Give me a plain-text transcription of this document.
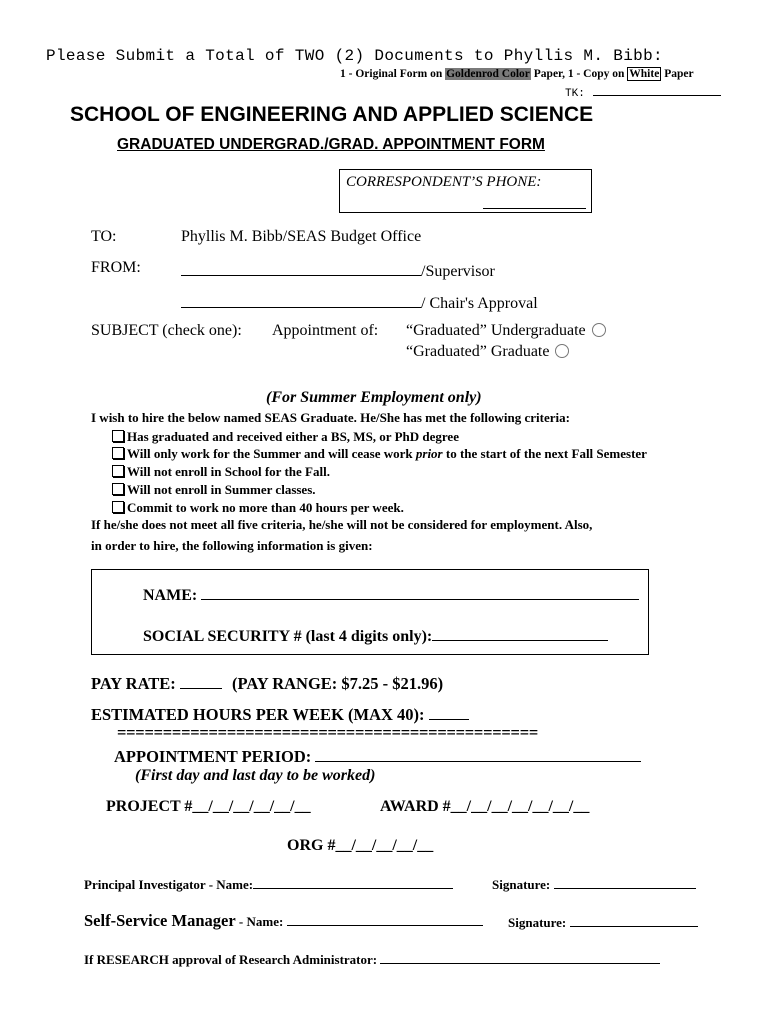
Please Submit a Total of TWO (2) Documents to Phyllis M. Bibb:
1 - Original Form on Goldenrod Color Paper, 1 - Copy on White Paper
TK:
SCHOOL OF ENGINEERING AND APPLIED SCIENCE
GRADUATED UNDERGRAD./GRAD. APPOINTMENT FORM
CORRESPONDENT’S PHONE:
TO:	Phyllis M. Bibb/SEAS Budget Office
FROM:	/Supervisor
/ Chair's Approval
SUBJECT (check one): Appointment of: “Graduated” Undergraduate
“Graduated” Graduate
(For Summer Employment only)
I wish to hire the below named SEAS Graduate. He/She has met the following criteria:
Has graduated and received either a BS, MS, or PhD degree
Will only work for the Summer and will cease work prior to the start of the next Fall Semester
Will not enroll in School for the Fall.
Will not enroll in Summer classes.
Commit to work no more than 40 hours per week.
If he/she does not meet all five criteria, he/she will not be considered for employment. Also,
in order to hire, the following information is given:
NAME:
SOCIAL SECURITY # (last 4 digits only):
PAY RATE:	(PAY RANGE: $7.25 - $21.96)
ESTIMATED HOURS PER WEEK (MAX 40):
==============================================
APPOINTMENT PERIOD:
(First day and last day to be worked)
PROJECT #__/__/__/__/__/__	AWARD #__/__/__/__/__/__/__
ORG #__/__/__/__/__
Principal Investigator - Name:	Signature:
Self-Service Manager - Name:	Signature:
If RESEARCH approval of Research Administrator:
